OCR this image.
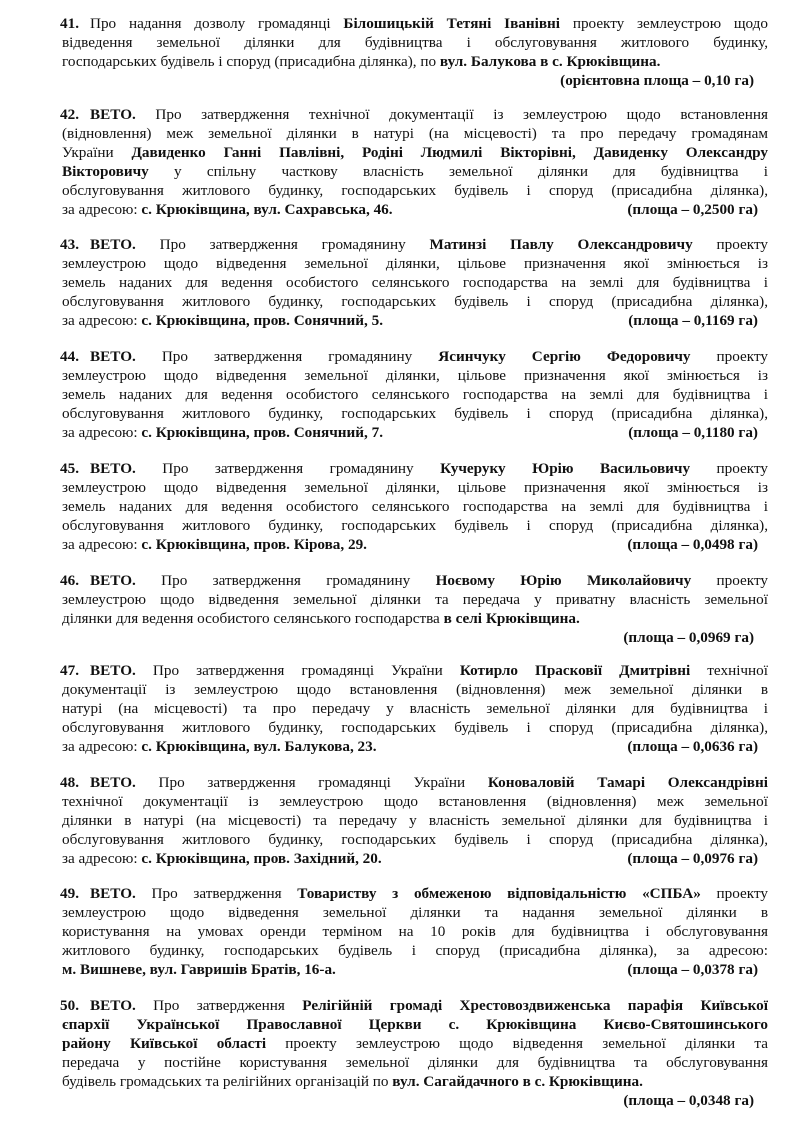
41. Про надання дозволу громадянці Білошицькій Тетяні Іванівні проекту землеустрою щодо
відведення земельної ділянки для будівництва і обслуговування житлового будинку,
господарських будівель і споруд (присадибна ділянка), по вул. Балукова в с. Крюківщина.
(орієнтовна площа – 0,10 га)
42. ВЕТО. Про затвердження технічної документації із землеустрою щодо встановлення
(відновлення) меж земельної ділянки в натурі (на місцевості) та про передачу громадянам
України Давиденко Ганні Павлівні, Родіні Людмилі Вікторівні, Давиденку Олександру
Вікторовичу у спільну часткову власність земельної ділянки для будівництва і
обслуговування житлового будинку, господарських будівель і споруд (присадибна ділянка),
за адресою: с. Крюківщина, вул. Сахравська, 46.	(площа – 0,2500 га)
43. ВЕТО. Про затвердження громадянину Матинзі Павлу Олександровичу проекту
землеустрою щодо відведення земельної ділянки, цільове призначення якої змінюється із
земель наданих для ведення особистого селянського господарства на землі для будівництва і
обслуговування житлового будинку, господарських будівель і споруд (присадибна ділянка),
за адресою: с. Крюківщина, пров. Сонячний, 5.	(площа – 0,1169 га)
44. ВЕТО. Про затвердження громадянину Ясинчуку Сергію Федоровичу проекту
землеустрою щодо відведення земельної ділянки, цільове призначення якої змінюється із
земель наданих для ведення особистого селянського господарства на землі для будівництва і
обслуговування житлового будинку, господарських будівель і споруд (присадибна ділянка),
за адресою: с. Крюківщина, пров. Сонячний, 7.	(площа – 0,1180 га)
45. ВЕТО. Про затвердження громадянину Кучеруку Юрію Васильовичу проекту
землеустрою щодо відведення земельної ділянки, цільове призначення якої змінюється із
земель наданих для ведення особистого селянського господарства на землі для будівництва і
обслуговування житлового будинку, господарських будівель і споруд (присадибна ділянка),
за адресою: с. Крюківщина, пров. Кірова, 29.	(площа – 0,0498 га)
46. ВЕТО. Про затвердження громадянину Ноєвому Юрію Миколайовичу проекту
землеустрою щодо відведення земельної ділянки та передача у приватну власність земельної
ділянки для ведення особистого селянського господарства в селі Крюківщина.
(площа – 0,0969 га)
47. ВЕТО. Про затвердження громадянці України Котирло Прасковії Дмитрівні технічної
документації із землеустрою щодо встановлення (відновлення) меж земельної ділянки в
натурі (на місцевості) та про передачу у власність земельної ділянки для будівництва і
обслуговування житлового будинку, господарських будівель і споруд (присадибна ділянка),
за адресою: с. Крюківщина, вул. Балукова, 23.	(площа – 0,0636 га)
48. ВЕТО. Про затвердження громадянці України Коноваловій Тамарі Олександрівні
технічної документації із землеустрою щодо встановлення (відновлення) меж земельної
ділянки в натурі (на місцевості) та передачу у власність земельної ділянки для будівництва і
обслуговування житлового будинку, господарських будівель і споруд (присадибна ділянка),
за адресою: с. Крюківщина, пров. Західний, 20.	(площа – 0,0976 га)
49. ВЕТО. Про затвердження Товариству з обмеженою відповідальністю «СПБА» проекту
землеустрою щодо відведення земельної ділянки та надання земельної ділянки в
користування на умовах оренди терміном на 10 років для будівництва і обслуговування
житлового будинку, господарських будівель і споруд (присадибна ділянка), за адресою:
м. Вишневе, вул. Гавришів Братів, 16-а.	(площа – 0,0378 га)
50. ВЕТО. Про затвердження Релігійній громаді Хрестовоздвиженська парафія Київської
єпархії Української Православної Церкви с. Крюківщина Києво-Святошинського
району Київської області проекту землеустрою щодо відведення земельної ділянки та
передача у постійне користування земельної ділянки для будівництва та обслуговування
будівель громадських та релігійних організацій по вул. Сагайдачного в с. Крюківщина.
(площа – 0,0348 га)
